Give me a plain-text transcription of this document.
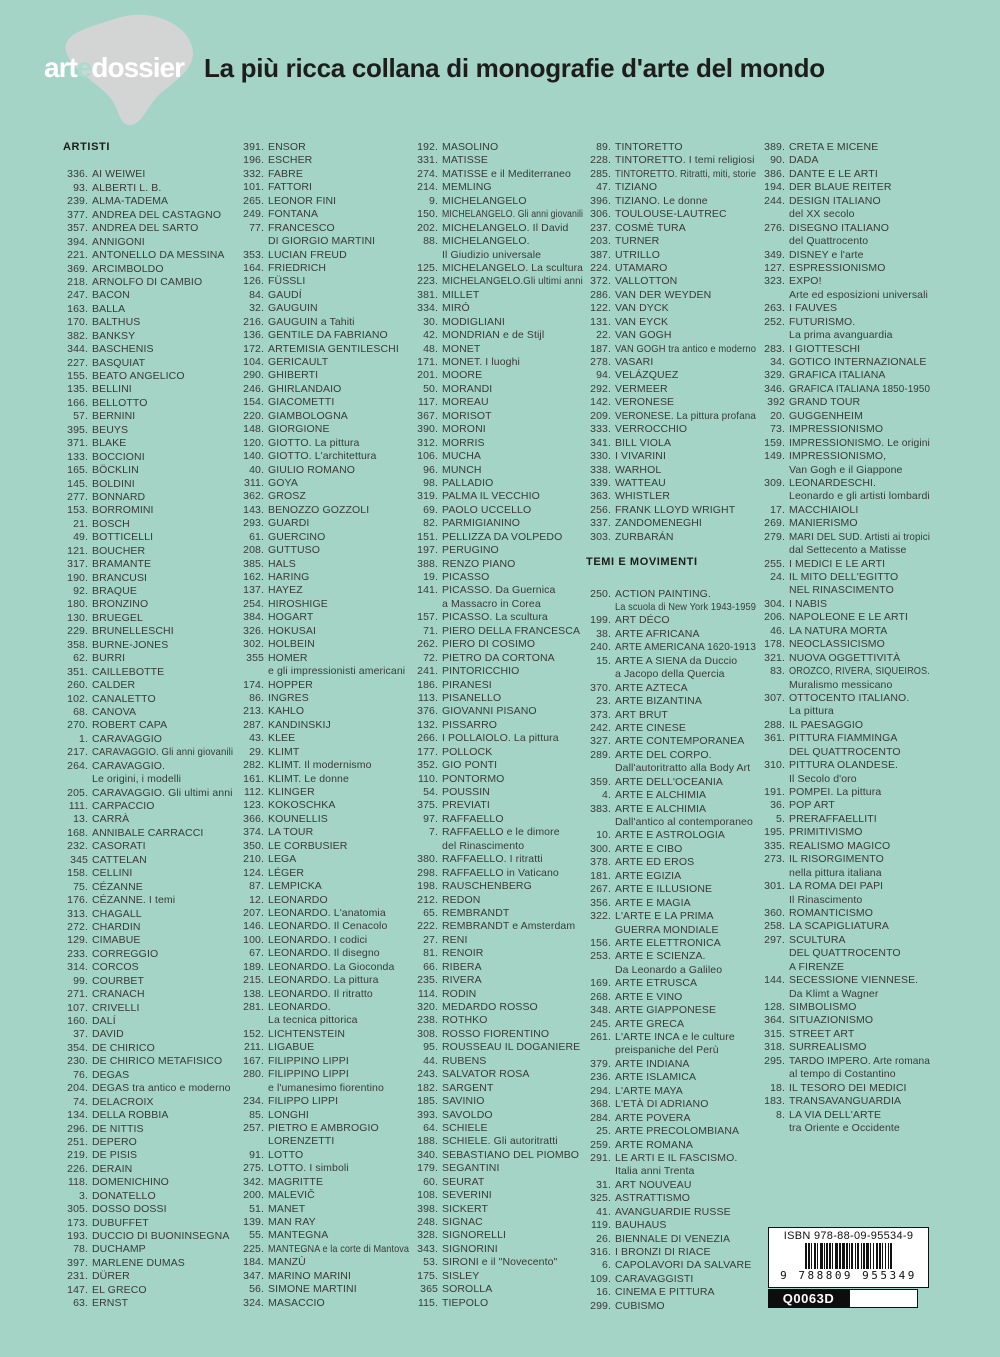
artedossier La più ricca collana di monografie d'arte del mondo
ARTISTI
336. AI WEIWEI
93. ALBERTI L. B.
239. ALMA-TADEMA
377. ANDREA DEL CASTAGNO
357. ANDREA DEL SARTO
394. ANNIGONI
221. ANTONELLO DA MESSINA
369. ARCIMBOLDO
218. ARNOLFO DI CAMBIO
247. BACON
163. BALLA
170. BALTHUS
382. BANKSY
344. BASCHENIS
227. BASQUIAT
155. BEATO ANGELICO
135. BELLINI
166. BELLOTTO
57. BERNINI
395. BEUYS
371. BLAKE
133. BOCCIONI
165. BÖCKLIN
145. BOLDINI
277. BONNARD
153. BORROMINI
21. BOSCH
49. BOTTICELLI
121. BOUCHER
317. BRAMANTE
190. BRANCUSI
92. BRAQUE
180. BRONZINO
130. BRUEGEL
229. BRUNELLESCHI
358. BURNE-JONES
62. BURRI
351. CAILLEBOTTE
260. CALDER
102. CANALETTO
68. CANOVA
270. ROBERT CAPA
1. CARAVAGGIO
217. CARAVAGGIO. Gli anni giovanili
264. CARAVAGGIO.
Le origini, i modelli
205. CARAVAGGIO. Gli ultimi anni
111. CARPACCIO
13. CARRÀ
168. ANNIBALE CARRACCI
232. CASORATI
345 CATTELAN
158. CELLINI
75. CÉZANNE
176. CÉZANNE. I temi
313. CHAGALL
272. CHARDIN
129. CIMABUE
233. CORREGGIO
314. CORCOS
99. COURBET
271. CRANACH
107. CRIVELLI
160. DALÍ
37. DAVID
354. DE CHIRICO
230. DE CHIRICO METAFISICO
76. DEGAS
204. DEGAS tra antico e moderno
74. DELACROIX
134. DELLA ROBBIA
296. DE NITTIS
251. DEPERO
219. DE PISIS
226. DERAIN
118. DOMENICHINO
3. DONATELLO
305. DOSSO DOSSI
173. DUBUFFET
193. DUCCIO DI BUONINSEGNA
78. DUCHAMP
397. MARLENE DUMAS
231. DÜRER
147. EL GRECO
63. ERNST
391. ENSOR
196. ESCHER
332. FABRE
101. FATTORI
265. LEONOR FINI
249. FONTANA
77. FRANCESCO
DI GIORGIO MARTINI
353. LUCIAN FREUD
164. FRIEDRICH
126. FÜSSLI
84. GAUDÍ
32. GAUGUIN
216. GAUGUIN a Tahiti
136. GENTILE DA FABRIANO
172. ARTEMISIA GENTILESCHI
104. GERICAULT
290. GHIBERTI
246. GHIRLANDAIO
154. GIACOMETTI
220. GIAMBOLOGNA
148. GIORGIONE
120. GIOTTO. La pittura
140. GIOTTO. L'architettura
40. GIULIO ROMANO
311. GOYA
362. GROSZ
143. BENOZZO GOZZOLI
293. GUARDI
61. GUERCINO
208. GUTTUSO
385. HALS
162. HARING
137. HAYEZ
254. HIROSHIGE
384. HOGART
326. HOKUSAI
302. HOLBEIN
355 HOMER
e gli impressionisti americani
174. HOPPER
86. INGRES
213. KAHLO
287. KANDINSKIJ
43. KLEE
29. KLIMT
282. KLIMT. Il modernismo
161. KLIMT. Le donne
112. KLINGER
123. KOKOSCHKA
366. KOUNELLIS
374. LA TOUR
350. LE CORBUSIER
210. LEGA
124. LÉGER
87. LEMPICKA
12. LEONARDO
207. LEONARDO. L'anatomia
146. LEONARDO. Il Cenacolo
100. LEONARDO. I codici
67. LEONARDO. Il disegno
189. LEONARDO. La Gioconda
215. LEONARDO. La pittura
138. LEONARDO. Il ritratto
281. LEONARDO.
La tecnica pittorica
152. LICHTENSTEIN
211. LIGABUE
167. FILIPPINO LIPPI
280. FILIPPINO LIPPI
e l'umanesimo fiorentino
234. FILIPPO LIPPI
85. LONGHI
257. PIETRO E AMBROGIO
LORENZETTI
91. LOTTO
275. LOTTO. I simboli
342. MAGRITTE
200. MALEVIČ
51. MANET
139. MAN RAY
55. MANTEGNA
225. MANTEGNA e la corte di Mantova
184. MANZÙ
347. MARINO MARINI
56. SIMONE MARTINI
324. MASACCIO
192. MASOLINO
331. MATISSE
274. MATISSE e il Mediterraneo
214. MEMLING
9. MICHELANGELO
150. MICHELANGELO. Gli anni giovanili
202. MICHELANGELO. Il David
88. MICHELANGELO.
Il Giudizio universale
125. MICHELANGELO. La scultura
223. MICHELANGELO.Gli ultimi anni
381. MILLET
334. MIRÓ
30. MODIGLIANI
42. MONDRIAN e de Stijl
48. MONET
171. MONET. I luoghi
201. MOORE
50. MORANDI
117. MOREAU
367. MORISOT
390. MORONI
312. MORRIS
106. MUCHA
96. MUNCH
98. PALLADIO
319. PALMA IL VECCHIO
69. PAOLO UCCELLO
82. PARMIGIANINO
151. PELLIZZA DA VOLPEDO
197. PERUGINO
388. RENZO PIANO
19. PICASSO
141. PICASSO. Da Guernica
a Massacro in Corea
157. PICASSO. La scultura
71. PIERO DELLA FRANCESCA
262. PIERO DI COSIMO
72. PIETRO DA CORTONA
241. PINTORICCHIO
186. PIRANESI
113. PISANELLO
376. GIOVANNI PISANO
132. PISSARRO
266. I POLLAIOLO. La pittura
177. POLLOCK
352. GIO PONTI
110. PONTORMO
54. POUSSIN
375. PREVIATI
97. RAFFAELLO
7. RAFFAELLO e le dimore
del Rinascimento
380. RAFFAELLO. I ritratti
298. RAFFAELLO in Vaticano
198. RAUSCHENBERG
212. REDON
65. REMBRANDT
222. REMBRANDT e Amsterdam
27. RENI
81. RENOIR
66. RIBERA
235. RIVERA
114. RODIN
320. MEDARDO ROSSO
238. ROTHKO
308. ROSSO FIORENTINO
95. ROUSSEAU IL DOGANIERE
44. RUBENS
243. SALVATOR ROSA
182. SARGENT
185. SAVINIO
393. SAVOLDO
64. SCHIELE
188. SCHIELE. Gli autoritratti
340. SEBASTIANO DEL PIOMBO
179. SEGANTINI
60. SEURAT
108. SEVERINI
398. SICKERT
248. SIGNAC
328. SIGNORELLI
343. SIGNORINI
53. SIRONI e il "Novecento"
175. SISLEY
365 SOROLLA
115. TIEPOLO
89. TINTORETTO
228. TINTORETTO. I temi religiosi
285. TINTORETTO. Ritratti, miti, storie
47. TIZIANO
396. TIZIANO. Le donne
306. TOULOUSE-LAUTREC
237. COSMÈ TURA
203. TURNER
387. UTRILLO
224. UTAMARO
372. VALLOTTON
286. VAN DER WEYDEN
122. VAN DYCK
131. VAN EYCK
22. VAN GOGH
187. VAN GOGH tra antico e moderno
278. VASARI
94. VELÁZQUEZ
292. VERMEER
142. VERONESE
209. VERONESE. La pittura profana
333. VERROCCHIO
341. BILL VIOLA
330. I VIVARINI
338. WARHOL
339. WATTEAU
363. WHISTLER
256. FRANK LLOYD WRIGHT
337. ZANDOMENEGHI
303. ZURBARÁN
TEMI E MOVIMENTI
250. ACTION PAINTING.
La scuola di New York 1943-1959
199. ART DÉCO
38. ARTE AFRICANA
240. ARTE AMERICANA 1620-1913
15. ARTE A SIENA da Duccio
a Jacopo della Quercia
370. ARTE AZTECA
23. ARTE BIZANTINA
373. ART BRUT
242. ARTE CINESE
327. ARTE CONTEMPORANEA
289. ARTE DEL CORPO.
Dall'autoritratto alla Body Art
359. ARTE DELL'OCEANIA
4. ARTE E ALCHIMIA
383. ARTE E ALCHIMIA
Dall'antico al contemporaneo
10. ARTE E ASTROLOGIA
300. ARTE E CIBO
378. ARTE ED EROS
181. ARTE EGIZIA
267. ARTE E ILLUSIONE
356. ARTE E MAGIA
322. L'ARTE E LA PRIMA
GUERRA MONDIALE
156. ARTE ELETTRONICA
253. ARTE E SCIENZA.
Da Leonardo a Galileo
169. ARTE ETRUSCA
268. ARTE E VINO
348. ARTE GIAPPONESE
245. ARTE GRECA
261. L'ARTE INCA e le culture
preispaniche del Perù
379. ARTE INDIANA
236. ARTE ISLAMICA
294. L'ARTE MAYA
368. L'ETÀ DI ADRIANO
284. ARTE POVERA
25. ARTE PRECOLOMBIANA
259. ARTE ROMANA
291. LE ARTI E IL FASCISMO.
Italia anni Trenta
31. ART NOUVEAU
325. ASTRATTISMO
41. AVANGUARDIE RUSSE
119. BAUHAUS
26. BIENNALE DI VENEZIA
316. I BRONZI DI RIACE
6. CAPOLAVORI DA SALVARE
109. CARAVAGGISTI
16. CINEMA E PITTURA
299. CUBISMO
389. CRETA E MICENE
90. DADA
386. DANTE E LE ARTI
194. DER BLAUE REITER
244. DESIGN ITALIANO
del XX secolo
276. DISEGNO ITALIANO
del Quattrocento
349. DISNEY e l'arte
127. ESPRESSIONISMO
323. EXPO!
Arte ed esposizioni universali
263. I FAUVES
252. FUTURISMO.
La prima avanguardia
283. I GIOTTESCHI
34. GOTICO INTERNAZIONALE
329. GRAFICA ITALIANA
346. GRAFICA ITALIANA 1850-1950
392 GRAND TOUR
20. GUGGENHEIM
73. IMPRESSIONISMO
159. IMPRESSIONISMO. Le origini
149. IMPRESSIONISMO,
Van Gogh e il Giappone
309. LEONARDESCHI.
Leonardo e gli artisti lombardi
17. MACCHIAIOLI
269. MANIERISMO
279. MARI DEL SUD. Artisti ai tropici
dal Settecento a Matisse
255. I MEDICI E LE ARTI
24. IL MITO DELL'EGITTO
NEL RINASCIMENTO
304. I NABIS
206. NAPOLEONE E LE ARTI
46. LA NATURA MORTA
178. NEOCLASSICISMO
321. NUOVA OGGETTIVITÀ
83. OROZCO, RIVERA, SIQUEIROS.
Muralismo messicano
307. OTTOCENTO ITALIANO.
La pittura
288. IL PAESAGGIO
361. PITTURA FIAMMINGA
DEL QUATTROCENTO
310. PITTURA OLANDESE.
Il Secolo d'oro
191. POMPEI. La pittura
36. POP ART
5. PRERAFFAELLITI
195. PRIMITIVISMO
335. REALISMO MAGICO
273. IL RISORGIMENTO
nella pittura italiana
301. LA ROMA DEI PAPI
Il Rinascimento
360. ROMANTICISMO
258. LA SCAPIGLIATURA
297. SCULTURA
DEL QUATTROCENTO
A FIRENZE
144. SECESSIONE VIENNESE.
Da Klimt a Wagner
128. SIMBOLISMO
364. SITUAZIONISMO
315. STREET ART
318. SURREALISMO
295. TARDO IMPERO. Arte romana
al tempo di Costantino
18. IL TESORO DEI MEDICI
183. TRANSAVANGUARDIA
8. LA VIA DELL'ARTE
tra Oriente e Occidente
ISBN 978-88-09-95534-9
9 788809 955349
Q0063D
